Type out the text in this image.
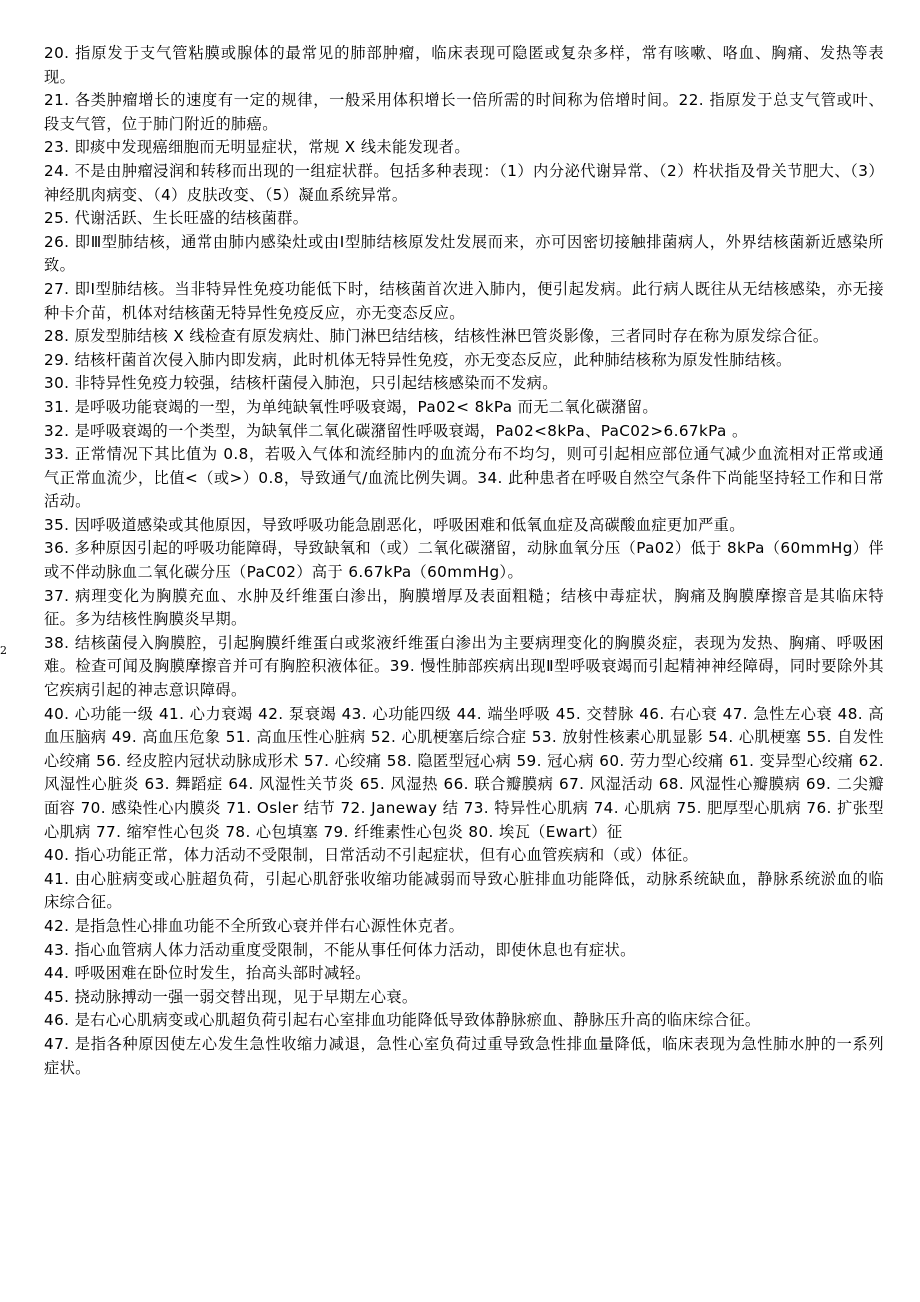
2

20. 指原发于支气管粘膜或腺体的最常见的肺部肿瘤，临床表现可隐匿或复杂多样，常有咳嗽、咯血、胸痛、发热等表现。

21. 各类肿瘤增长的速度有一定的规律，一般采用体积增长一倍所需的时间称为倍增时间。22. 指原发于总支气管或叶、段支气管，位于肺门附近的肺癌。

23. 即痰中发现癌细胞而无明显症状，常规 X 线未能发现者。

24. 不是由肿瘤浸润和转移而出现的一组症状群。包括多种表现：（1）内分泌代谢异常、（2）杵状指及骨关节肥大、（3）神经肌肉病变、（4）皮肤改变、（5）凝血系统异常。

25. 代谢活跃、生长旺盛的结核菌群。

26. 即Ⅲ型肺结核，通常由肺内感染灶或由Ⅰ型肺结核原发灶发展而来，亦可因密切接触排菌病人，外界结核菌新近感染所致。

27. 即Ⅰ型肺结核。当非特异性免疫功能低下时，结核菌首次进入肺内，便引起发病。此行病人既往从无结核感染，亦无接种卡介苗，机体对结核菌无特异性免疫反应，亦无变态反应。

28. 原发型肺结核 X 线检查有原发病灶、肺门淋巴结结核，结核性淋巴管炎影像，三者同时存在称为原发综合征。

29. 结核杆菌首次侵入肺内即发病，此时机体无特异性免疫，亦无变态反应，此种肺结核称为原发性肺结核。

30. 非特异性免疫力较强，结核杆菌侵入肺泡，只引起结核感染而不发病。

31. 是呼吸功能衰竭的一型，为单纯缺氧性呼吸衰竭，Pa02< 8kPa 而无二氧化碳潴留。

32. 是呼吸衰竭的一个类型，为缺氧伴二氧化碳潴留性呼吸衰竭，Pa02<8kPa、PaC02>6.67kPa 。

33. 正常情况下其比值为 0.8，若吸入气体和流经肺内的血流分布不均匀，则可引起相应部位通气减少血流相对正常或通气正常血流少，比值<（或>）0.8，导致通气/血流比例失调。34. 此种患者在呼吸自然空气条件下尚能坚持轻工作和日常活动。

35. 因呼吸道感染或其他原因，导致呼吸功能急剧恶化，呼吸困难和低氧血症及高碳酸血症更加严重。

36. 多种原因引起的呼吸功能障碍，导致缺氧和（或）二氧化碳潴留，动脉血氧分压（Pa02）低于 8kPa（60mmHg）伴或不伴动脉血二氧化碳分压（PaC02）高于 6.67kPa（60mmHg）。

37. 病理变化为胸膜充血、水肿及纤维蛋白渗出，胸膜增厚及表面粗糙；结核中毒症状，胸痛及胸膜摩擦音是其临床特征。多为结核性胸膜炎早期。

38. 结核菌侵入胸膜腔，引起胸膜纤维蛋白或浆液纤维蛋白渗出为主要病理变化的胸膜炎症，表现为发热、胸痛、呼吸困难。检查可闻及胸膜摩擦音并可有胸腔积液体征。39. 慢性肺部疾病出现Ⅱ型呼吸衰竭而引起精神神经障碍，同时要除外其它疾病引起的神志意识障碍。

40. 心功能一级 41. 心力衰竭 42. 泵衰竭 43. 心功能四级 44. 端坐呼吸 45. 交替脉 46. 右心衰 47. 急性左心衰 48. 高血压脑病 49. 高血压危象 51. 高血压性心脏病 52. 心肌梗塞后综合症 53. 放射性核素心肌显影 54. 心肌梗塞 55. 自发性心绞痛 56. 经皮腔内冠状动脉成形术 57. 心绞痛 58. 隐匿型冠心病 59. 冠心病 60. 劳力型心绞痛 61. 变异型心绞痛 62. 风湿性心脏炎 63. 舞蹈症 64. 风湿性关节炎 65. 风湿热 66. 联合瓣膜病 67. 风湿活动 68. 风湿性心瓣膜病 69. 二尖瓣面容 70. 感染性心内膜炎 71. Osler 结节 72. Janeway 结 73. 特异性心肌病 74. 心肌病 75. 肥厚型心肌病 76. 扩张型心肌病 77. 缩窄性心包炎 78. 心包填塞 79. 纤维素性心包炎 80. 埃瓦（Ewart）征

40. 指心功能正常，体力活动不受限制，日常活动不引起症状，但有心血管疾病和（或）体征。

41. 由心脏病变或心脏超负荷，引起心肌舒张收缩功能减弱而导致心脏排血功能降低，动脉系统缺血，静脉系统淤血的临床综合征。

42. 是指急性心排血功能不全所致心衰并伴右心源性休克者。

43. 指心血管病人体力活动重度受限制，不能从事任何体力活动，即使休息也有症状。

44. 呼吸困难在卧位时发生，抬高头部时减轻。

45. 挠动脉搏动一强一弱交替出现，见于早期左心衰。

46. 是右心心肌病变或心肌超负荷引起右心室排血功能降低导致体静脉瘀血、静脉压升高的临床综合征。

47. 是指各种原因使左心发生急性收缩力减退，急性心室负荷过重导致急性排血量降低，临床表现为急性肺水肿的一系列症状。
